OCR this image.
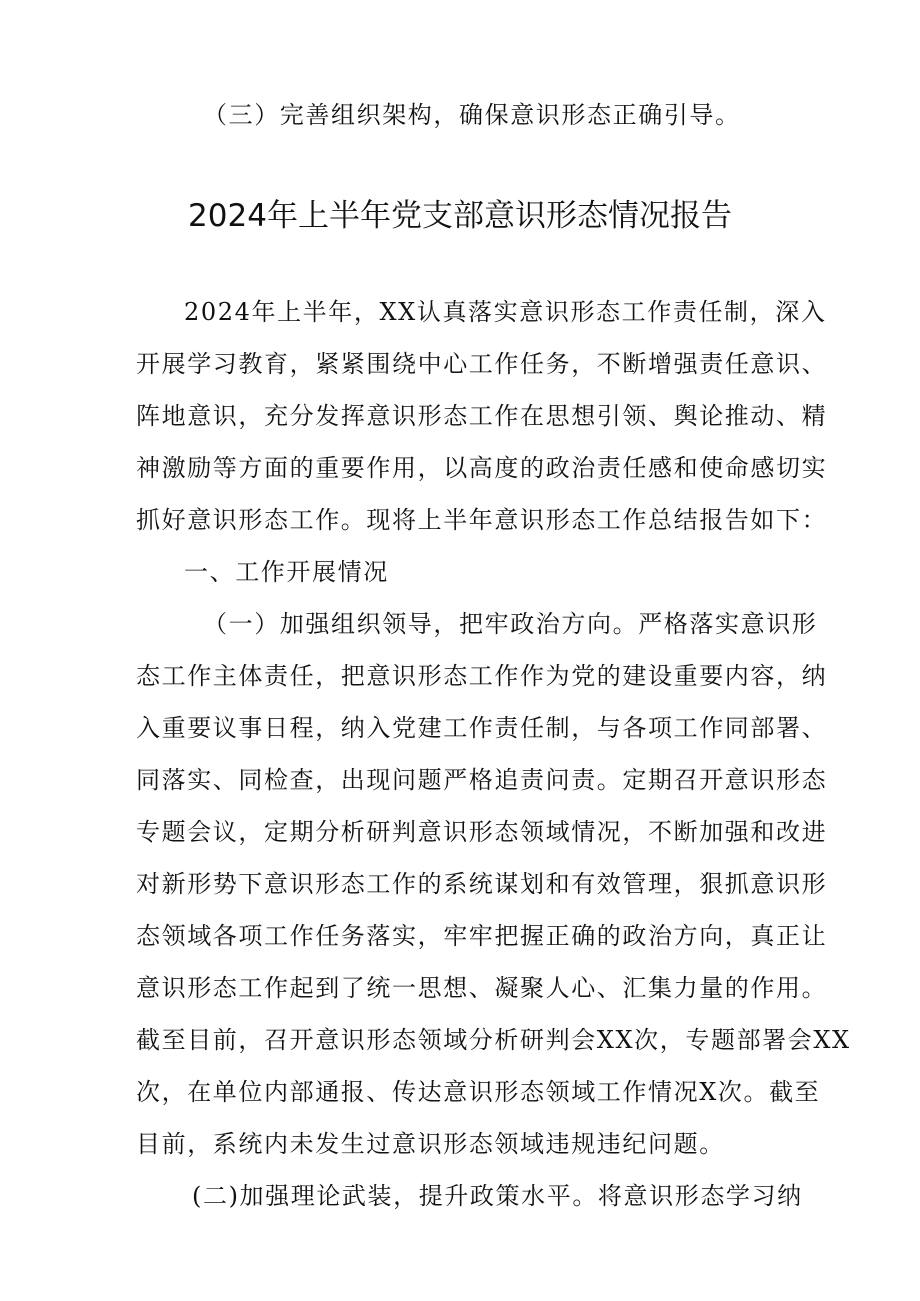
（三）完善组织架构，确保意识形态正确引导。
2024年上半年党支部意识形态情况报告
2024年上半年，XX认真落实意识形态工作责任制，深入
开展学习教育，紧紧围绕中心工作任务，不断增强责任意识、
阵地意识，充分发挥意识形态工作在思想引领、舆论推动、精
神激励等方面的重要作用，以高度的政治责任感和使命感切实
抓好意识形态工作。现将上半年意识形态工作总结报告如下：
一、工作开展情况
（一）加强组织领导，把牢政治方向。严格落实意识形
态工作主体责任，把意识形态工作作为党的建设重要内容，纳
入重要议事日程，纳入党建工作责任制，与各项工作同部署、
同落实、同检查，出现问题严格追责问责。定期召开意识形态
专题会议，定期分析研判意识形态领域情况，不断加强和改进
对新形势下意识形态工作的系统谋划和有效管理，狠抓意识形
态领域各项工作任务落实，牢牢把握正确的政治方向，真正让
意识形态工作起到了统一思想、凝聚人心、汇集力量的作用。
截至目前，召开意识形态领域分析研判会XX次，专题部署会XX
次，在单位内部通报、传达意识形态领域工作情况X次。截至
目前，系统内未发生过意识形态领域违规违纪问题。
(二)加强理论武装，提升政策水平。将意识形态学习纳
